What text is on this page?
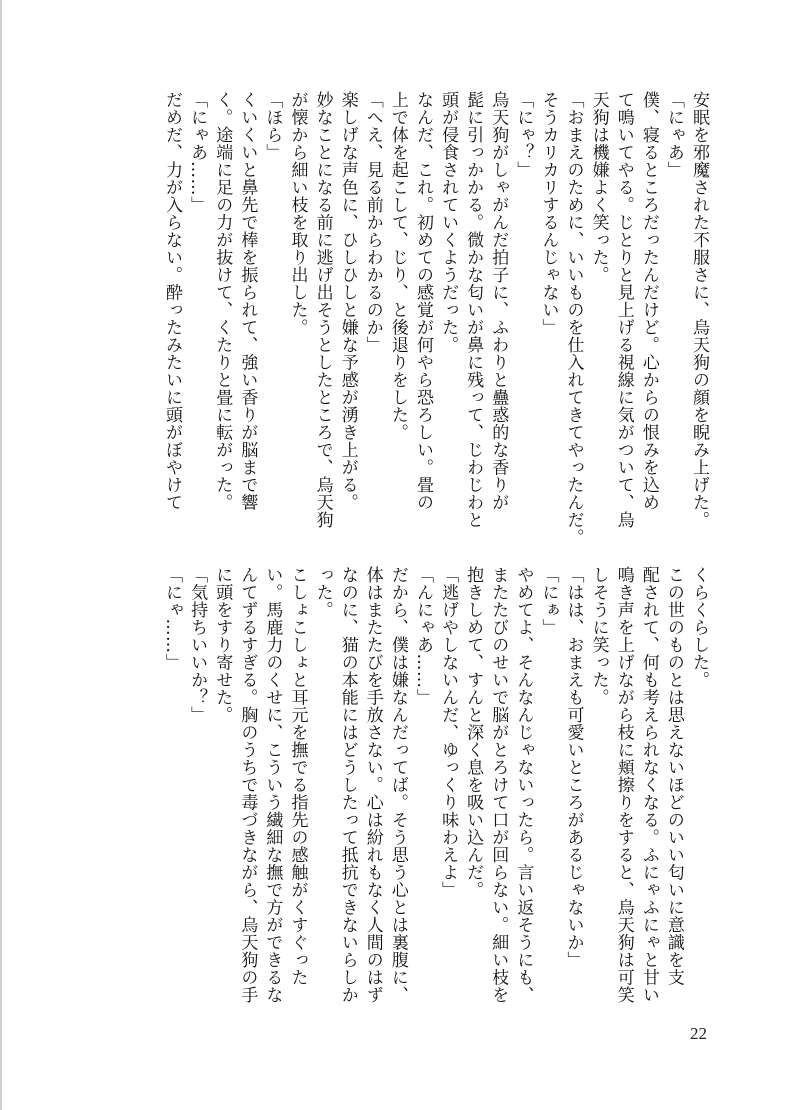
安眠を邪魔された不服さに、烏天狗の顔を睨み上げた。
「にゃあ」
僕、寝るところだったんだけど。心からの恨みを込め
て鳴いてやる。じとりと見上げる視線に気がついて、烏
天狗は機嫌よく笑った。
「おまえのために、いいものを仕入れてきてやったんだ。
そうカリカリするんじゃない」
「にゃ？」
烏天狗がしゃがんだ拍子に、ふわりと蠱惑的な香りが
髭に引っかかる。微かな匂いが鼻に残って、じわじわと
頭が侵食されていくようだった。
なんだ、これ。初めての感覚が何やら恐ろしい。畳の
上で体を起こして、じり、と後退りをした。
「へえ、見る前からわかるのか」
楽しげな声色に、ひしひしと嫌な予感が湧き上がる。
妙なことになる前に逃げ出そうとしたところで、烏天狗
が懐から細い枝を取り出した。
「ほら」
くいくいと鼻先で棒を振られて、強い香りが脳まで響
く。途端に足の力が抜けて、くたりと畳に転がった。
「にゃあ……」
だめだ、力が入らない。酔ったみたいに頭がぼやけて
くらくらした。
この世のものとは思えないほどのいい匂いに意識を支
配されて、何も考えられなくなる。ふにゃふにゃと甘い
鳴き声を上げながら枝に頬擦りをすると、烏天狗は可笑
しそうに笑った。
「はは、おまえも可愛いところがあるじゃないか」
「にぁ」
やめてよ、そんなんじゃないったら。言い返そうにも、
またたびのせいで脳がとろけて口が回らない。細い枝を
抱きしめて、すんと深く息を吸い込んだ。
「逃げやしないんだ、ゆっくり味わえよ」
「んにゃあ……」
だから、僕は嫌なんだってば。そう思う心とは裏腹に、
体はまたたびを手放さない。心は紛れもなく人間のはず
なのに、猫の本能にはどうしたって抵抗できないらしか
った。
こしょこしょと耳元を撫でる指先の感触がくすぐった
い。馬鹿力のくせに、こういう繊細な撫で方ができるな
んてずるすぎる。胸のうちで毒づきながら、烏天狗の手
に頭をすり寄せた。
「気持ちいいか？」
「にゃ……」
22
